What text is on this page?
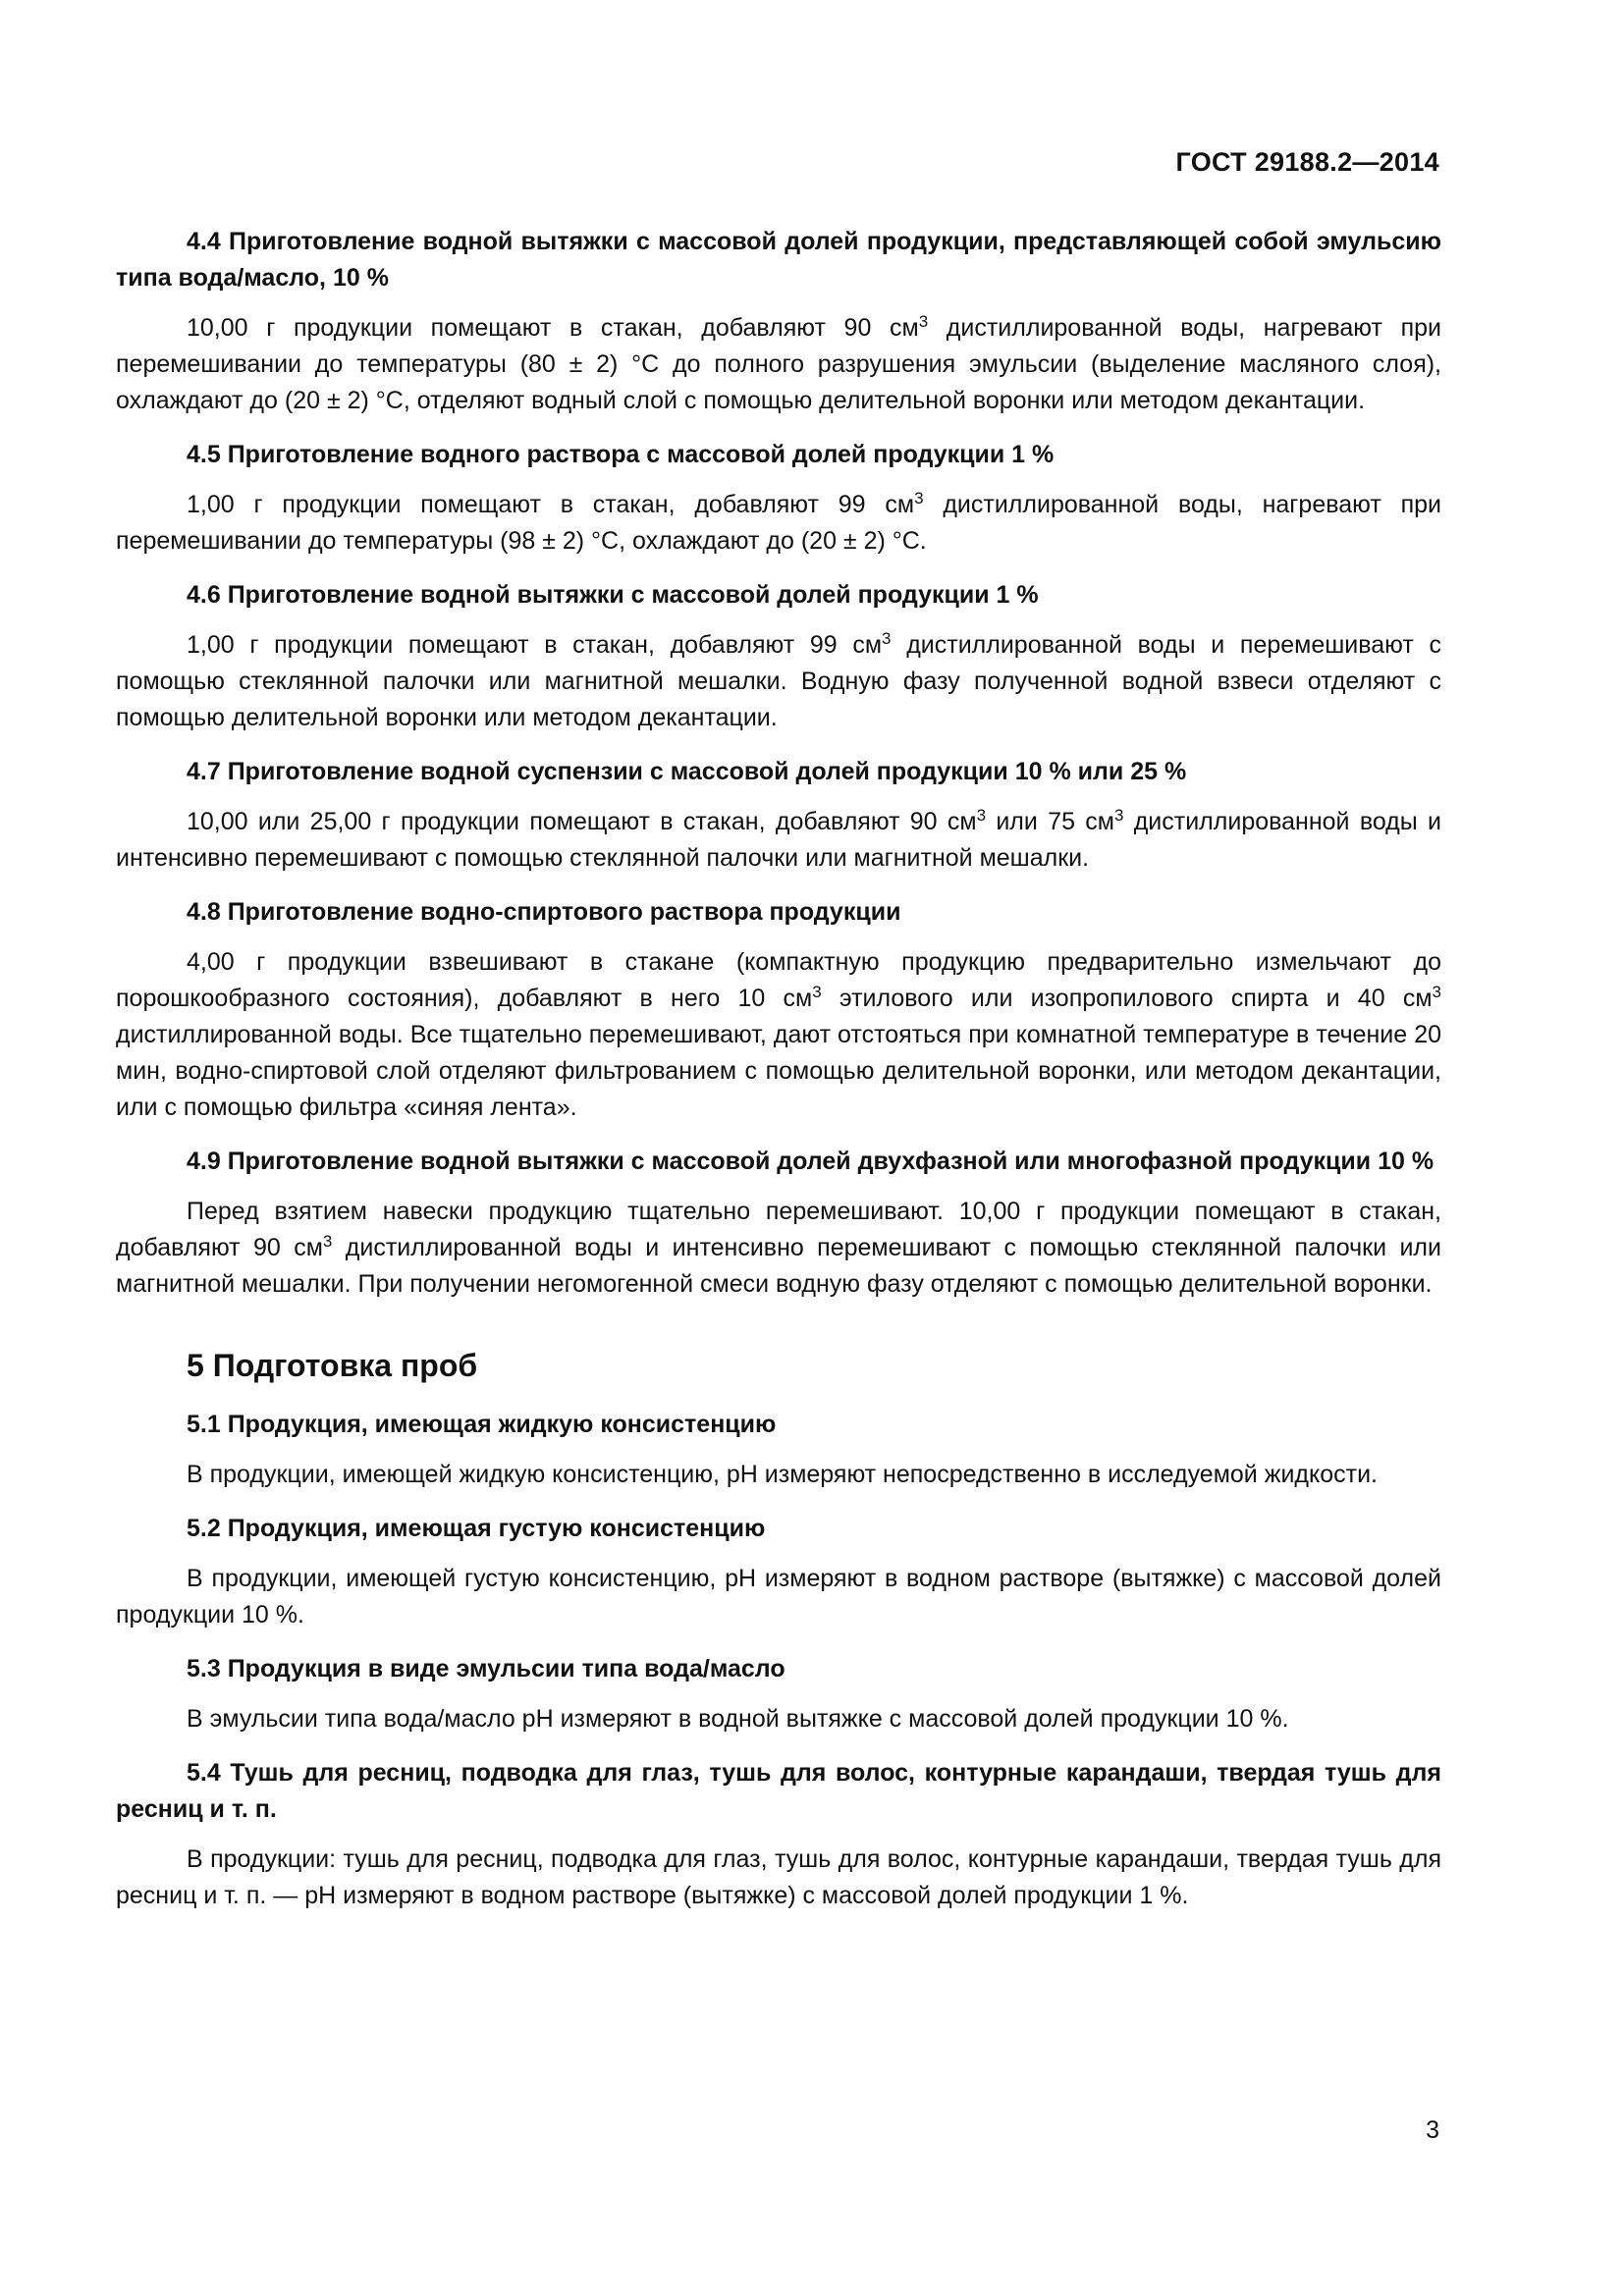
ГОСТ 29188.2—2014

4.4 Приготовление водной вытяжки с массовой долей продукции, представляющей собой эмульсию типа вода/масло, 10 %

10,00 г продукции помещают в стакан, добавляют 90 $см^3$ дистиллированной воды, нагревают при перемешивании до температуры (80 ± 2) °С до полного разрушения эмульсии (выделение масляного слоя), охлаждают до (20 ± 2) °С, отделяют водный слой с помощью делительной воронки или методом декантации.

4.5 Приготовление водного раствора с массовой долей продукции 1 %

1,00 г продукции помещают в стакан, добавляют 99 $см^3$ дистиллированной воды, нагревают при перемешивании до температуры (98 ± 2) °С, охлаждают до (20 ± 2) °С.

4.6 Приготовление водной вытяжки с массовой долей продукции 1 %

1,00 г продукции помещают в стакан, добавляют 99 $см^3$ дистиллированной воды и перемешивают с помощью стеклянной палочки или магнитной мешалки. Водную фазу полученной водной взвеси отделяют с помощью делительной воронки или методом декантации.

4.7 Приготовление водной суспензии с массовой долей продукции 10 % или 25 %

10,00 или 25,00 г продукции помещают в стакан, добавляют 90 $см^3$ или 75 $см^3$ дистиллированной воды и интенсивно перемешивают с помощью стеклянной палочки или магнитной мешалки.

4.8 Приготовление водно-спиртового раствора продукции

4,00 г продукции взвешивают в стакане (компактную продукцию предварительно измельчают до порошкообразного состояния), добавляют в него 10 $см^3$ этилового или изопропилового спирта и 40 $см^3$ дистиллированной воды. Все тщательно перемешивают, дают отстояться при комнатной температуре в течение 20 мин, водно-спиртовой слой отделяют фильтрованием с помощью делительной воронки, или методом декантации, или с помощью фильтра «синяя лента».

4.9 Приготовление водной вытяжки с массовой долей двухфазной или многофазной продукции 10 %

Перед взятием навески продукцию тщательно перемешивают. 10,00 г продукции помещают в стакан, добавляют 90 $см^3$ дистиллированной воды и интенсивно перемешивают с помощью стеклянной палочки или магнитной мешалки. При получении негомогенной смеси водную фазу отделяют с помощью делительной воронки.

5 Подготовка проб

5.1 Продукция, имеющая жидкую консистенцию

В продукции, имеющей жидкую консистенцию, рН измеряют непосредственно в исследуемой жидкости.

5.2 Продукция, имеющая густую консистенцию

В продукции, имеющей густую консистенцию, рН измеряют в водном растворе (вытяжке) с массовой долей продукции 10 %.

5.3 Продукция в виде эмульсии типа вода/масло

В эмульсии типа вода/масло рН измеряют в водной вытяжке с массовой долей продукции 10 %.

5.4 Тушь для ресниц, подводка для глаз, тушь для волос, контурные карандаши, твердая тушь для ресниц и т. п.

В продукции: тушь для ресниц, подводка для глаз, тушь для волос, контурные карандаши, твердая тушь для ресниц и т. п. — рН измеряют в водном растворе (вытяжке) с массовой долей продукции 1 %.

3
